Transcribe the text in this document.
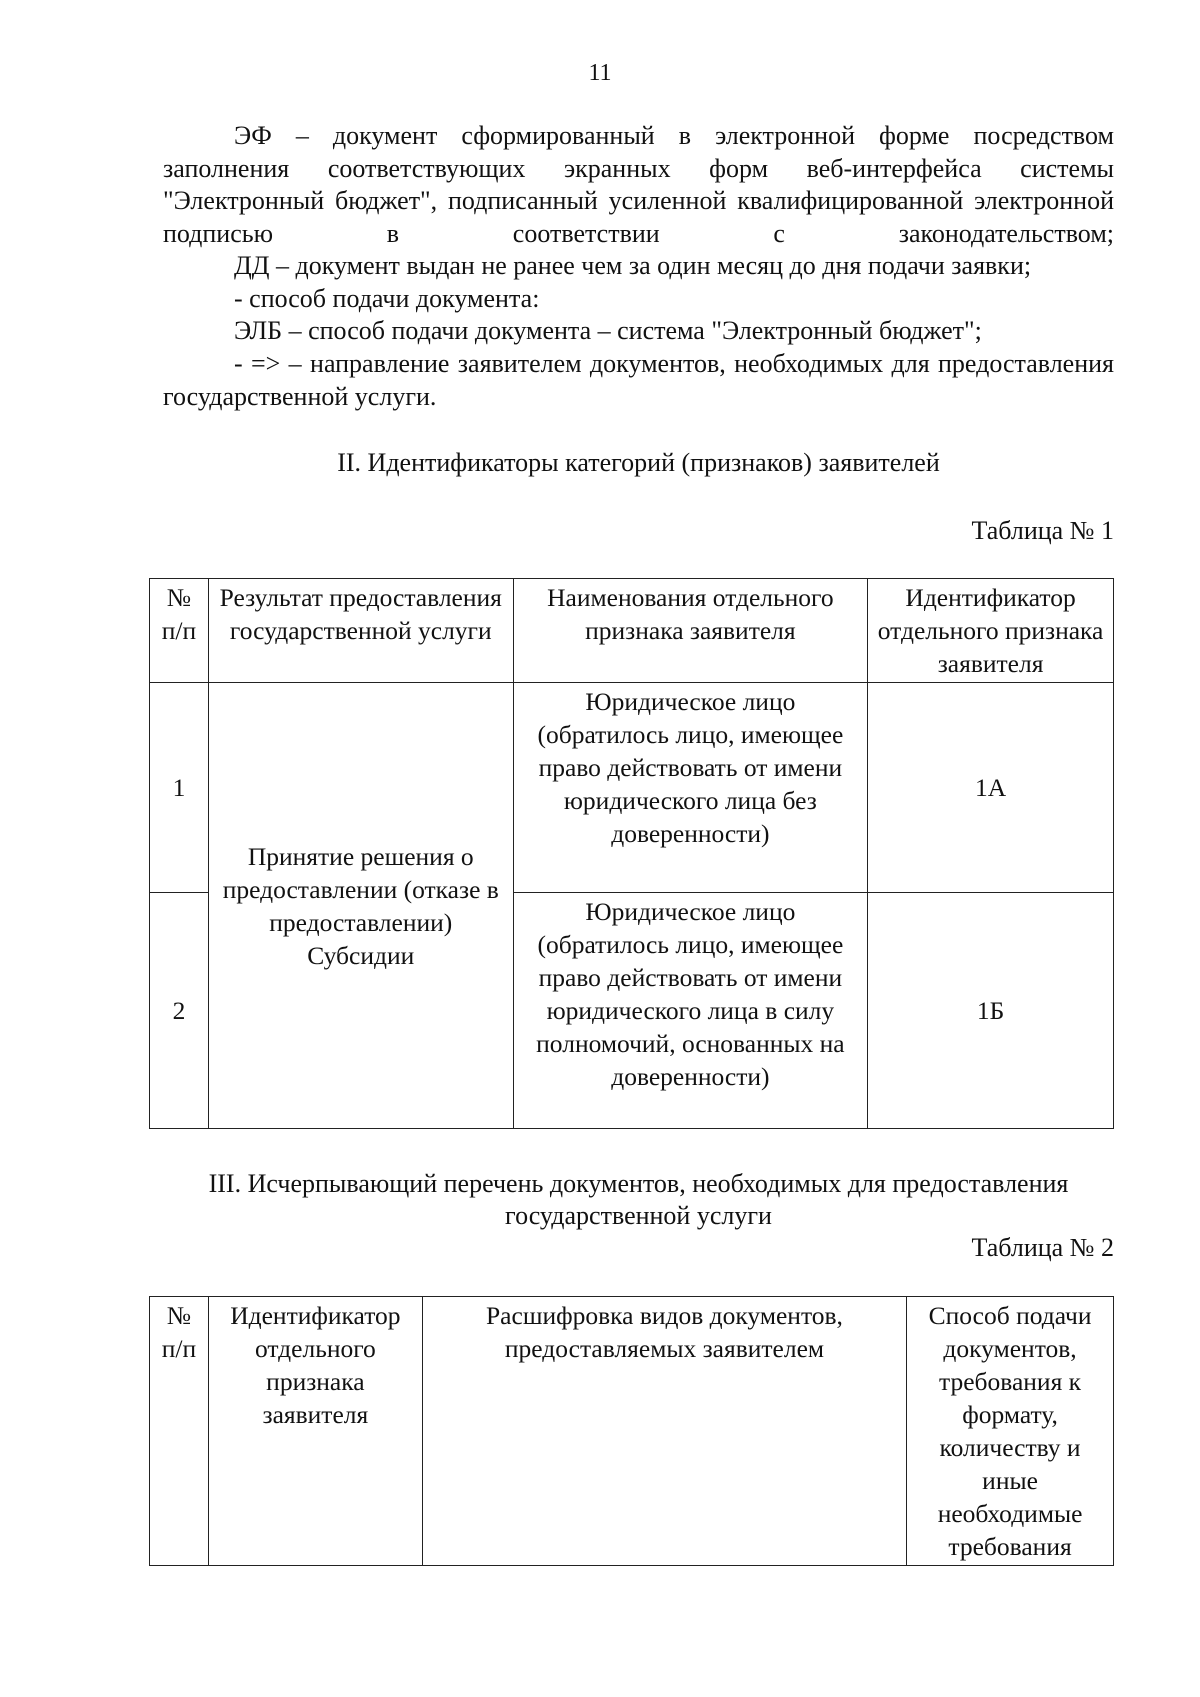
11
ЭФ – документ сформированный в электронной форме посредством заполнения соответствующих экранных форм веб-интерфейса системы "Электронный бюджет", подписанный усиленной квалифицированной электронной подписью в соответствии с законодательством;
ДД – документ выдан не ранее чем за один месяц до дня подачи заявки;
- способ подачи документа:
ЭЛБ – способ подачи документа – система "Электронный бюджет";
- => – направление заявителем документов, необходимых для предоставления государственной услуги.
II. Идентификаторы категорий (признаков) заявителей
Таблица № 1
№ п/п	Результат предоставления государственной услуги	Наименования отдельного признака заявителя	Идентификатор отдельного признака заявителя
1	Принятие решения о предоставлении (отказе в предоставлении) Субсидии	Юридическое лицо (обратилось лицо, имеющее право действовать от имени юридического лица без доверенности)	1А
2		Юридическое лицо (обратилось лицо, имеющее право действовать от имени юридического лица в силу полномочий, основанных на доверенности)	1Б
III. Исчерпывающий перечень документов, необходимых для предоставления государственной услуги
Таблица № 2
№ п/п	Идентификатор отдельного признака заявителя	Расшифровка видов документов, предоставляемых заявителем	Способ подачи документов, требования к формату, количеству и иные необходимые требования
